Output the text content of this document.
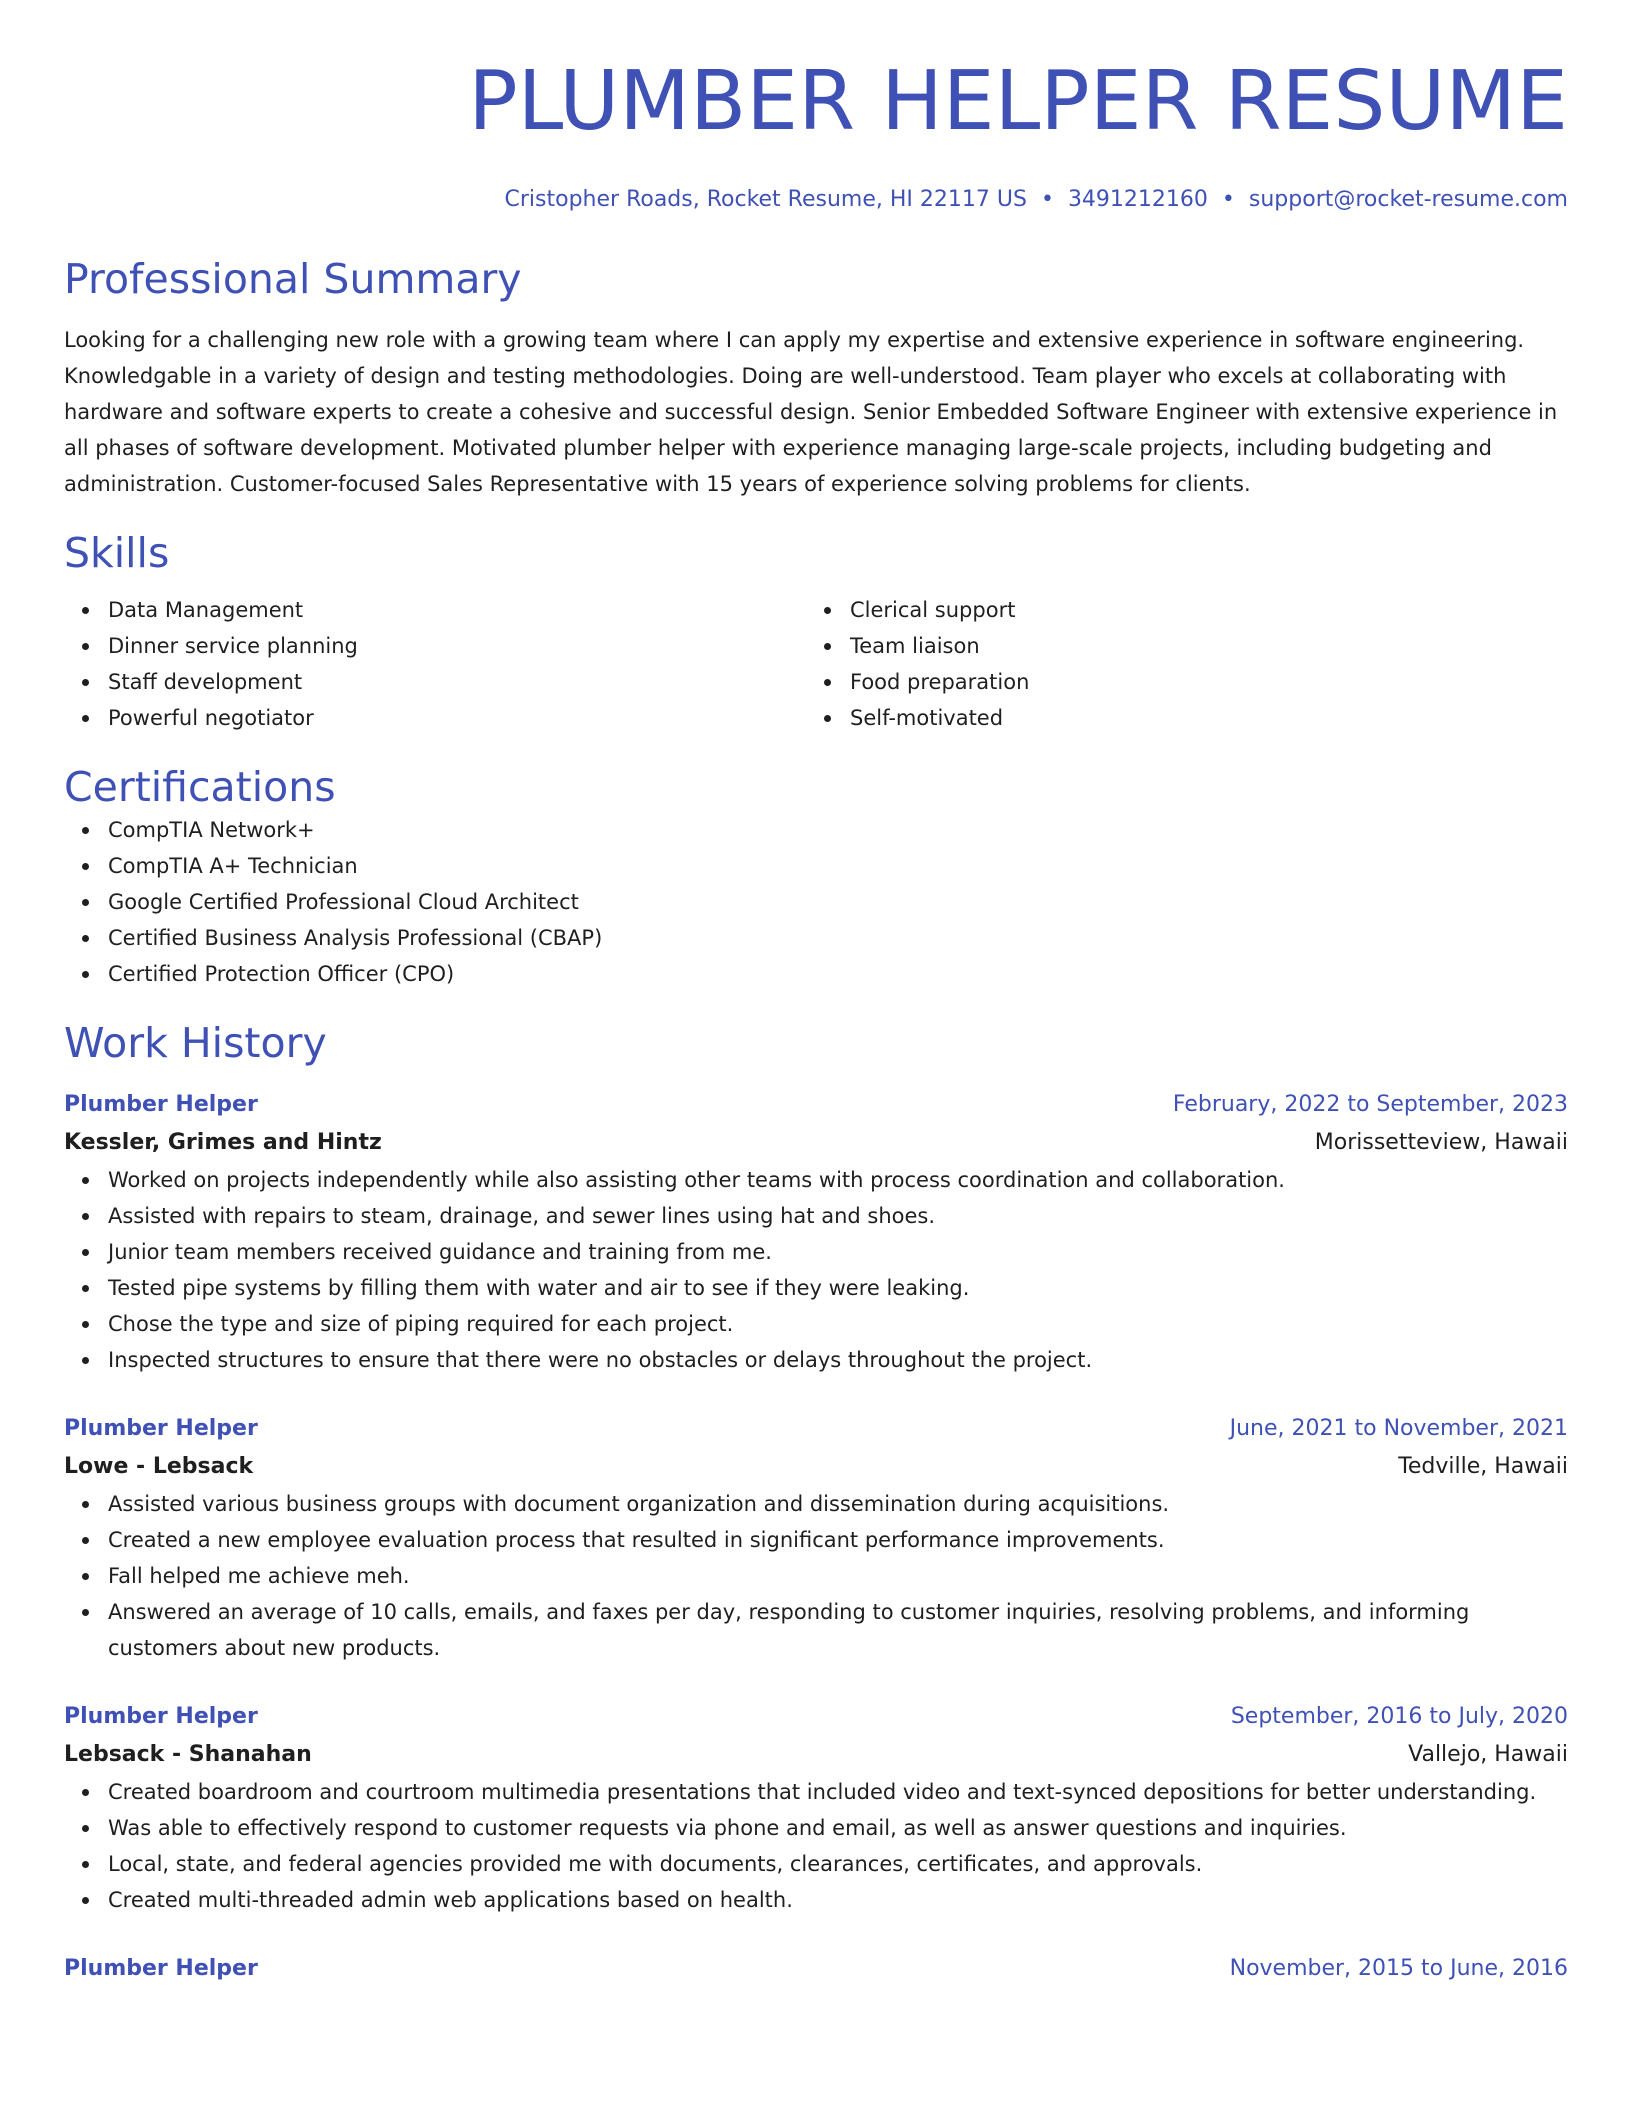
PLUMBER HELPER RESUME
Cristopher Roads, Rocket Resume, HI 22117 US • 3491212160 • support@rocket-resume.com
Professional Summary
Looking for a challenging new role with a growing team where I can apply my expertise and extensive experience in software engineering. Knowledgable in a variety of design and testing methodologies. Doing are well-understood. Team player who excels at collaborating with hardware and software experts to create a cohesive and successful design. Senior Embedded Software Engineer with extensive experience in all phases of software development. Motivated plumber helper with experience managing large-scale projects, including budgeting and administration. Customer-focused Sales Representative with 15 years of experience solving problems for clients.
Skills
Data Management
Dinner service planning
Staff development
Powerful negotiator
Clerical support
Team liaison
Food preparation
Self-motivated
Certifications
CompTIA Network+
CompTIA A+ Technician
Google Certified Professional Cloud Architect
Certified Business Analysis Professional (CBAP)
Certified Protection Officer (CPO)
Work History
Plumber Helper	February, 2022 to September, 2023
Kessler, Grimes and Hintz	Morissetteview, Hawaii
Worked on projects independently while also assisting other teams with process coordination and collaboration.
Assisted with repairs to steam, drainage, and sewer lines using hat and shoes.
Junior team members received guidance and training from me.
Tested pipe systems by filling them with water and air to see if they were leaking.
Chose the type and size of piping required for each project.
Inspected structures to ensure that there were no obstacles or delays throughout the project.
Plumber Helper	June, 2021 to November, 2021
Lowe - Lebsack	Tedville, Hawaii
Assisted various business groups with document organization and dissemination during acquisitions.
Created a new employee evaluation process that resulted in significant performance improvements.
Fall helped me achieve meh.
Answered an average of 10 calls, emails, and faxes per day, responding to customer inquiries, resolving problems, and informing customers about new products.
Plumber Helper	September, 2016 to July, 2020
Lebsack - Shanahan	Vallejo, Hawaii
Created boardroom and courtroom multimedia presentations that included video and text-synced depositions for better understanding.
Was able to effectively respond to customer requests via phone and email, as well as answer questions and inquiries.
Local, state, and federal agencies provided me with documents, clearances, certificates, and approvals.
Created multi-threaded admin web applications based on health.
Plumber Helper	November, 2015 to June, 2016
